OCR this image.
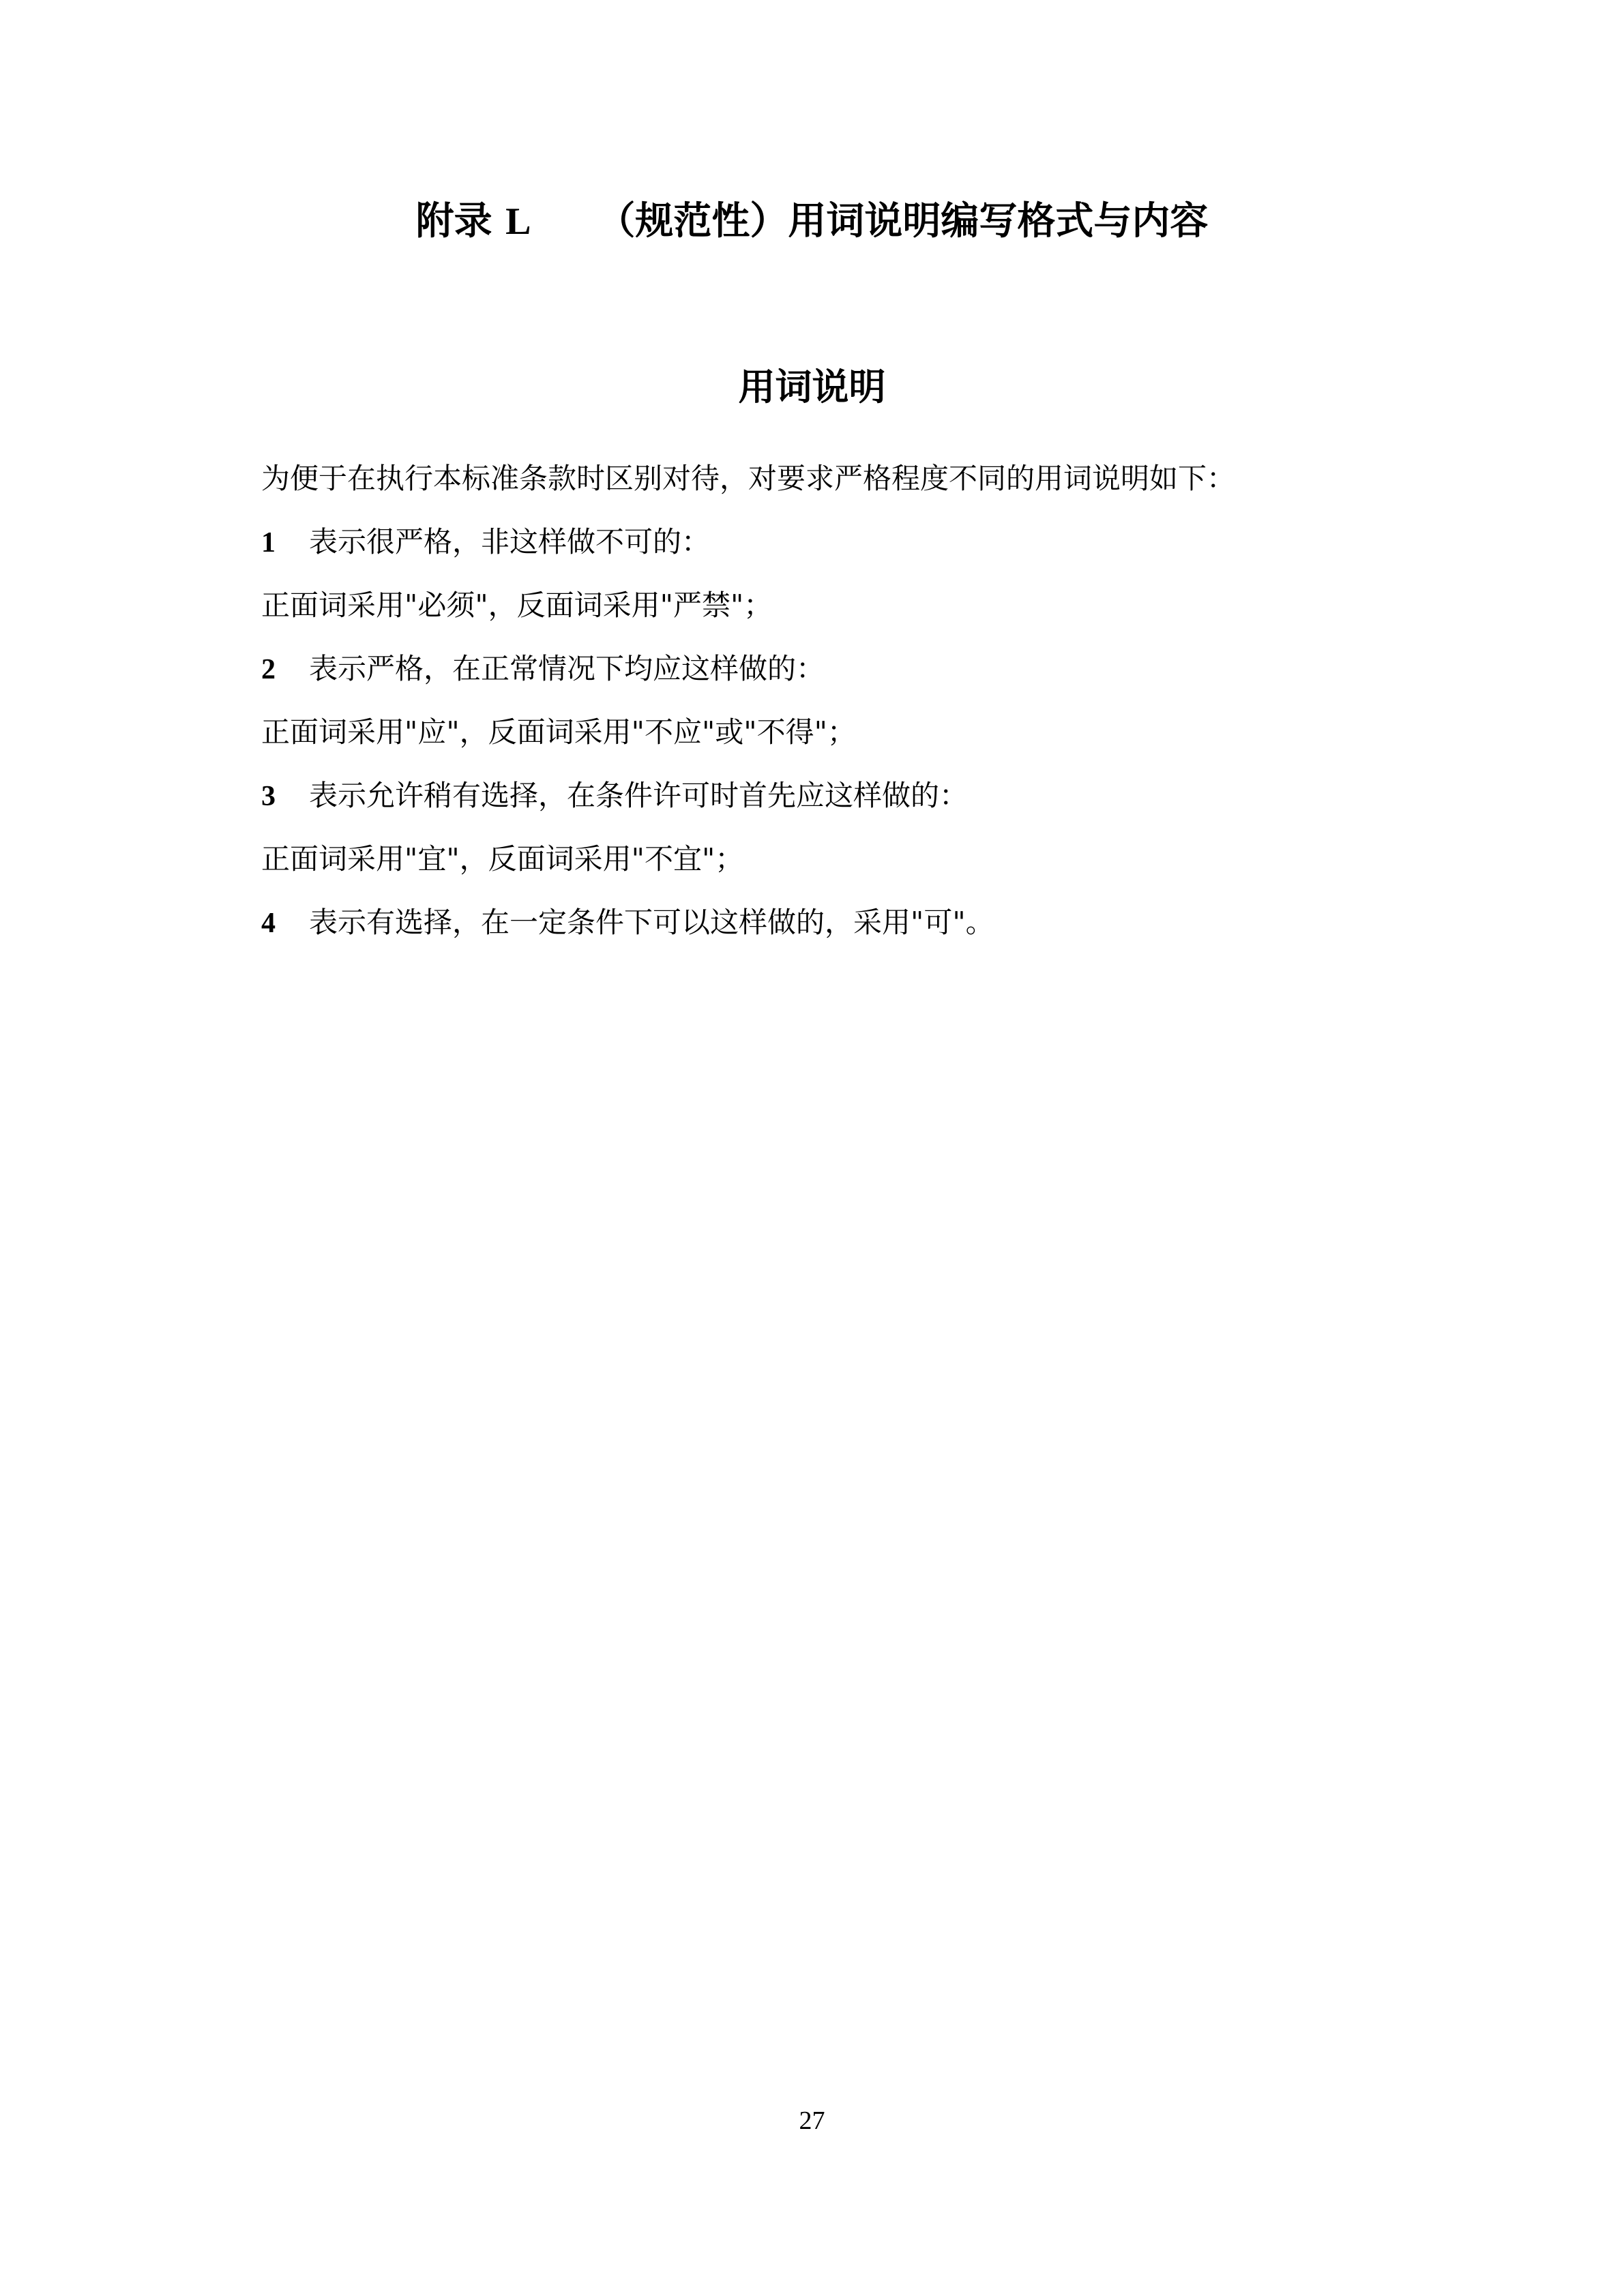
附录 L （规范性）用词说明编写格式与内容
用词说明
为便于在执行本标准条款时区别对待，对要求严格程度不同的用词说明如下：
1 表示很严格，非这样做不可的：
正面词采用"必须"，反面词采用"严禁"；
2 表示严格，在正常情况下均应这样做的：
正面词采用"应"，反面词采用"不应"或"不得"；
3 表示允许稍有选择，在条件许可时首先应这样做的：
正面词采用"宜"，反面词采用"不宜"；
4 表示有选择，在一定条件下可以这样做的，采用"可"。
27
